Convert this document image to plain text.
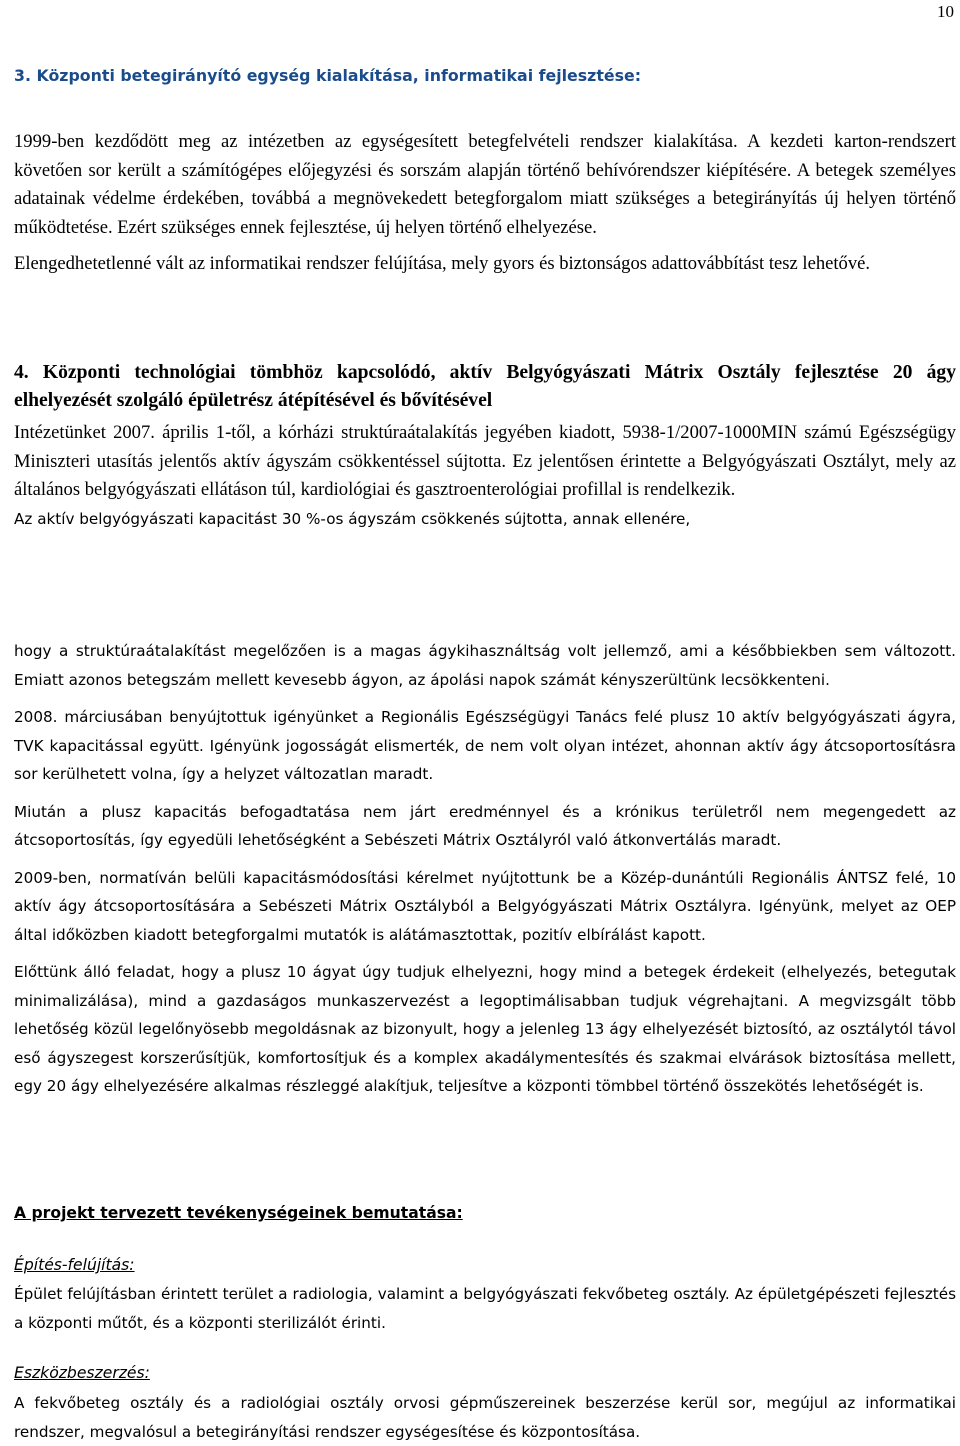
10
3. Központi betegirányító egység kialakítása, informatikai fejlesztése:

1999-ben kezdődött meg az intézetben az egységesített betegfelvételi rendszer kialakítása. A kezdeti karton-rendszert követően sor került a számítógépes előjegyzési és sorszám alapján történő behívórendszer kiépítésére. A betegek személyes adatainak védelme érdekében, továbbá a megnövekedett betegforgalom miatt szükséges a betegirányítás új helyen történő működtetése. Ezért szükséges ennek fejlesztése, új helyen történő elhelyezése.

Elengedhetetlenné vált az informatikai rendszer felújítása, mely gyors és biztonságos adattovábbítást tesz lehetővé.

4. Központi technológiai tömbhöz kapcsolódó, aktív Belgyógyászati Mátrix Osztály fejlesztése 20 ágy elhelyezését szolgáló épületrész átépítésével és bővítésével

Intézetünket 2007. április 1-től, a kórházi struktúraátalakítás jegyében kiadott, 5938-1/2007-1000MIN számú Egészségügy Miniszteri utasítás jelentős aktív ágyszám csökkentéssel sújtotta. Ez jelentősen érintette a Belgyógyászati Osztályt, mely az általános belgyógyászati ellátáson túl, kardiológiai és gasztroenterológiai profillal is rendelkezik.

Az aktív belgyógyászati kapacitást 30 %-os ágyszám csökkenés sújtotta, annak ellenére,

hogy a struktúraátalakítást megelőzően is a magas ágykihasználtság volt jellemző, ami a későbbiekben sem változott. Emiatt azonos betegszám mellett kevesebb ágyon, az ápolási napok számát kényszerültünk lecsökkenteni.

2008. márciusában benyújtottuk igényünket a Regionális Egészségügyi Tanács felé plusz 10 aktív belgyógyászati ágyra, TVK kapacitással együtt. Igényünk jogosságát elismerték, de nem volt olyan intézet, ahonnan aktív ágy átcsoportosításra sor kerülhetett volna, így a helyzet változatlan maradt.

Miután a plusz kapacitás befogadtatása nem járt eredménnyel és a krónikus területről nem megengedett az átcsoportosítás, így egyedüli lehetőségként a Sebészeti Mátrix Osztályról való átkonvertálás maradt.

2009-ben, normatíván belüli kapacitásmódosítási kérelmet nyújtottunk be a Közép-dunántúli Regionális ÁNTSZ felé, 10 aktív ágy átcsoportosítására a Sebészeti Mátrix Osztályból a Belgyógyászati Mátrix Osztályra. Igényünk, melyet az OEP által időközben kiadott betegforgalmi mutatók is alátámasztottak, pozitív elbírálást kapott.

Előttünk álló feladat, hogy a plusz 10 ágyat úgy tudjuk elhelyezni, hogy mind a betegek érdekeit (elhelyezés, betegutak minimalizálása), mind a gazdaságos munkaszervezést a legoptimálisabban tudjuk végrehajtani. A megvizsgált több lehetőség közül legelőnyösebb megoldásnak az bizonyult, hogy a jelenleg 13 ágy elhelyezését biztosító, az osztálytól távol eső ágyszegest korszerűsítjük, komfortosítjuk és a komplex akadálymentesítés és szakmai elvárások biztosítása mellett, egy 20 ágy elhelyezésére alkalmas részleggé alakítjuk, teljesítve a központi tömbbel történő összekötés lehetőségét is.

A projekt tervezett tevékenységeinek bemutatása:
Építés-felújítás:

Épület felújításban érintett terület a radiologia, valamint a belgyógyászati fekvőbeteg osztály. Az épületgépészeti fejlesztés a központi műtőt, és a központi sterilizálót érinti.

Eszközbeszerzés:

A fekvőbeteg osztály és a radiológiai osztály orvosi gépműszereinek beszerzése kerül sor, megújul az informatikai rendszer, megvalósul a betegirányítási rendszer egységesítése és központosítása.
